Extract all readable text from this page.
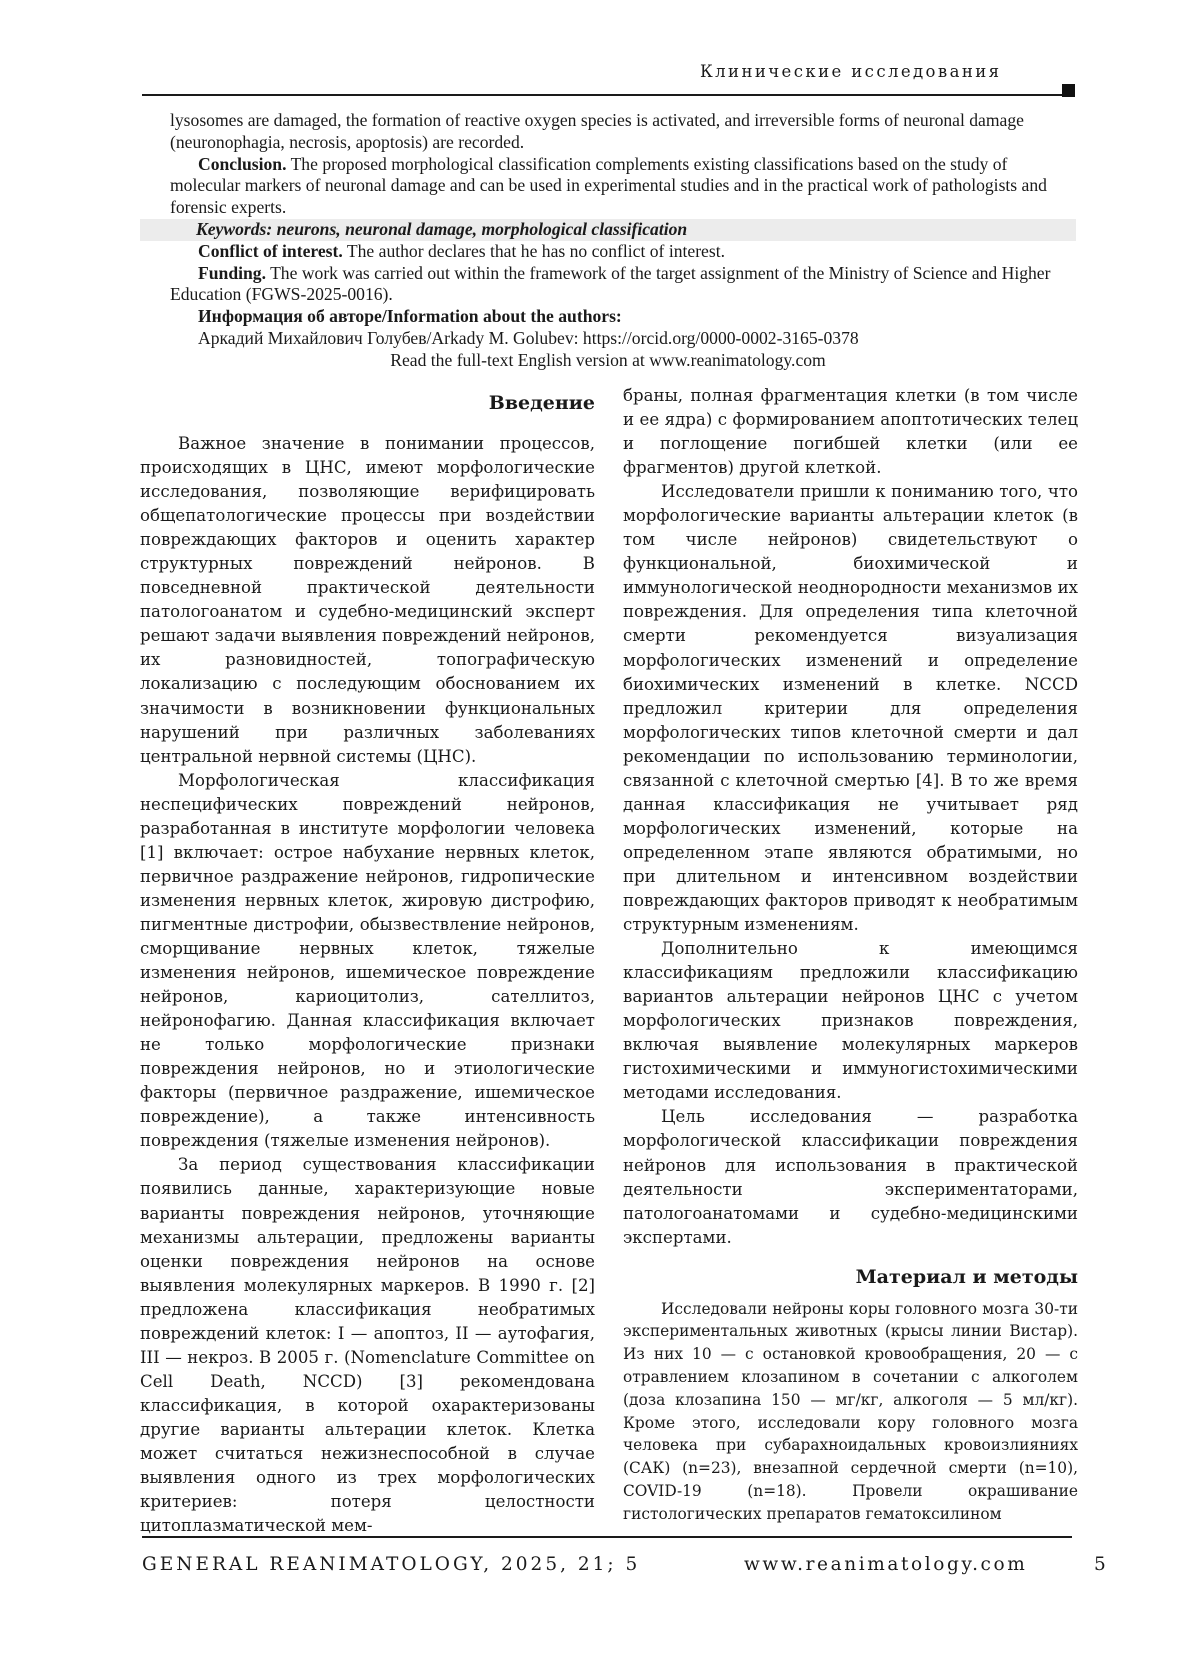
Клинические исследования

lysosomes are damaged, the formation of reactive oxygen species is activated, and irreversible forms of neuronal damage (neuronophagia, necrosis, apoptosis) are recorded.

Conclusion. The proposed morphological classification complements existing classifications based on the study of molecular markers of neuronal damage and can be used in experimental studies and in the practical work of pathologists and forensic experts.

Keywords: neurons, neuronal damage, morphological classification

Conflict of interest. The author declares that he has no conflict of interest.

Funding. The work was carried out within the framework of the target assignment of the Ministry of Science and Higher Education (FGWS-2025-0016).

Информация об авторе/Information about the authors:

Аркадий Михайлович Голубев/Arkady M. Golubev: https://orcid.org/0000-0002-3165-0378

Read the full-text English version at www.reanimatology.com

Введение

Важное значение в понимании процессов, происходящих в ЦНС, имеют морфологические исследования, позволяющие верифицировать общепатологические процессы при воздействии повреждающих факторов и оценить характер структурных повреждений нейронов. В повседневной практической деятельности патологоанатом и судебно-медицинский эксперт решают задачи выявления повреждений нейронов, их разновидностей, топографическую локализацию с последующим обоснованием их значимости в возникновении функциональных нарушений при различных заболеваниях центральной нервной системы (ЦНС).

Морфологическая классификация неспецифических повреждений нейронов, разработанная в институте морфологии человека [1] включает: острое набухание нервных клеток, первичное раздражение нейронов, гидропические изменения нервных клеток, жировую дистрофию, пигментные дистрофии, обызвествление нейронов, сморщивание нервных клеток, тяжелые изменения нейронов, ишемическое повреждение нейронов, кариоцитолиз, сателлитоз, нейронофагию. Данная классификация включает не только морфологические признаки повреждения нейронов, но и этиологические факторы (первичное раздражение, ишемическое повреждение), а также интенсивность повреждения (тяжелые изменения нейронов).

За период существования классификации появились данные, характеризующие новые варианты повреждения нейронов, уточняющие механизмы альтерации, предложены варианты оценки повреждения нейронов на основе выявления молекулярных маркеров. В 1990 г. [2] предложена классификация необратимых повреждений клеток: I — апоптоз, II — аутофагия, III — некроз. В 2005 г. (Nomenclature Committee on Cell Death, NCCD) [3] рекомендована классификация, в которой охарактеризованы другие варианты альтерации клеток. Клетка может считаться нежизнеспособной в случае выявления одного из трех морфологических критериев: потеря целостности цитоплазматической мем-

браны, полная фрагментация клетки (в том числе и ее ядра) с формированием апоптотических телец и поглощение погибшей клетки (или ее фрагментов) другой клеткой.

Исследователи пришли к пониманию того, что морфологические варианты альтерации клеток (в том числе нейронов) свидетельствуют о функциональной, биохимической и иммунологической неоднородности механизмов их повреждения. Для определения типа клеточной смерти рекомендуется визуализация морфологических изменений и определение биохимических изменений в клетке. NCCD предложил критерии для определения морфологических типов клеточной смерти и дал рекомендации по использованию терминологии, связанной с клеточной смертью [4]. В то же время данная классификация не учитывает ряд морфологических изменений, которые на определенном этапе являются обратимыми, но при длительном и интенсивном воздействии повреждающих факторов приводят к необратимым структурным изменениям.

Дополнительно к имеющимся классификациям предложили классификацию вариантов альтерации нейронов ЦНС с учетом морфологических признаков повреждения, включая выявление молекулярных маркеров гистохимическими и иммуногистохимическими методами исследования.

Цель исследования — разработка морфологической классификации повреждения нейронов для использования в практической деятельности экспериментаторами, патологоанатомами и судебно-медицинскими экспертами.

Материал и методы

Исследовали нейроны коры головного мозга 30-ти экспериментальных животных (крысы линии Вистар). Из них 10 — с остановкой кровообращения, 20 — с отравлением клозапином в сочетании с алкоголем (доза клозапина 150 — мг/кг, алкоголя — 5 мл/кг). Кроме этого, исследовали кору головного мозга человека при субарахноидальных кровоизлияниях (САК) (n=23), внезапной сердечной смерти (n=10), COVID-19 (n=18). Провели окрашивание гистологических препаратов гематоксилином

GENERAL REANIMATOLOGY, 2025, 21; 5	www.reanimatology.com	5
